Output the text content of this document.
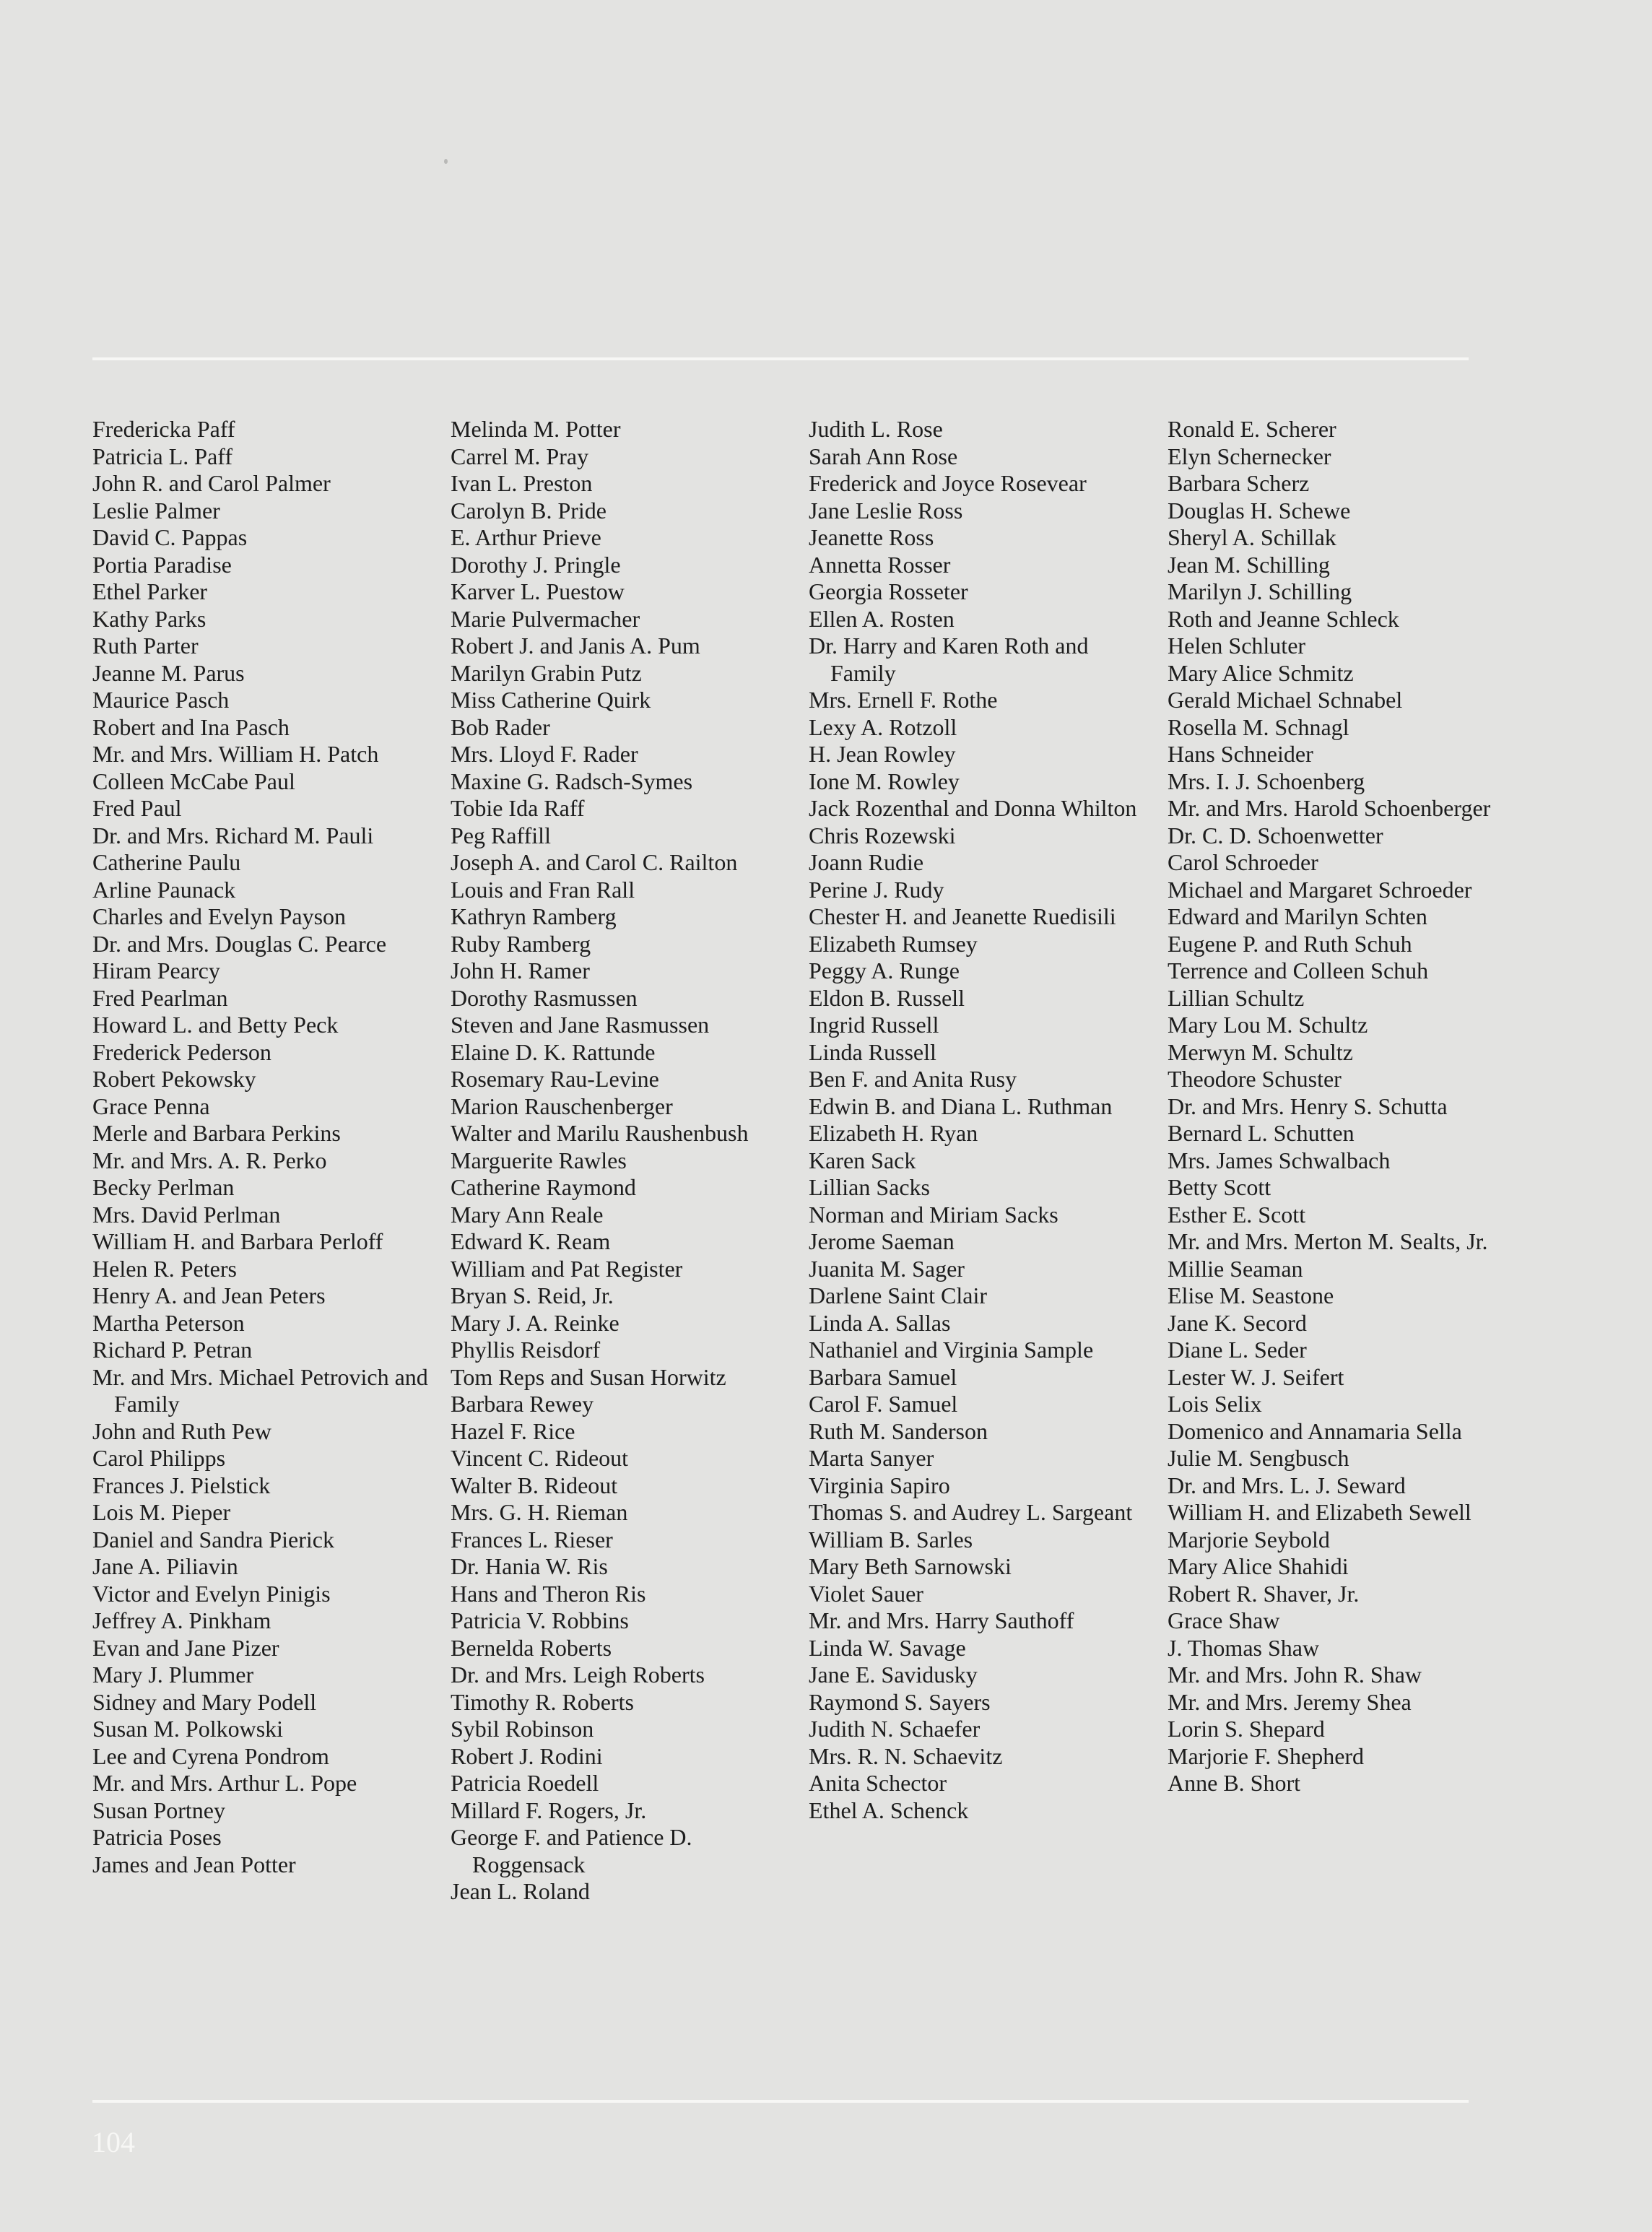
Fredericka Paff
Patricia L. Paff
John R. and Carol Palmer
Leslie Palmer
David C. Pappas
Portia Paradise
Ethel Parker
Kathy Parks
Ruth Parter
Jeanne M. Parus
Maurice Pasch
Robert and Ina Pasch
Mr. and Mrs. William H. Patch
Colleen McCabe Paul
Fred Paul
Dr. and Mrs. Richard M. Pauli
Catherine Paulu
Arline Paunack
Charles and Evelyn Payson
Dr. and Mrs. Douglas C. Pearce
Hiram Pearcy
Fred Pearlman
Howard L. and Betty Peck
Frederick Pederson
Robert Pekowsky
Grace Penna
Merle and Barbara Perkins
Mr. and Mrs. A. R. Perko
Becky Perlman
Mrs. David Perlman
William H. and Barbara Perloff
Helen R. Peters
Henry A. and Jean Peters
Martha Peterson
Richard P. Petran
Mr. and Mrs. Michael Petrovich and Family
John and Ruth Pew
Carol Philipps
Frances J. Pielstick
Lois M. Pieper
Daniel and Sandra Pierick
Jane A. Piliavin
Victor and Evelyn Pinigis
Jeffrey A. Pinkham
Evan and Jane Pizer
Mary J. Plummer
Sidney and Mary Podell
Susan M. Polkowski
Lee and Cyrena Pondrom
Mr. and Mrs. Arthur L. Pope
Susan Portney
Patricia Poses
James and Jean Potter
Melinda M. Potter
Carrel M. Pray
Ivan L. Preston
Carolyn B. Pride
E. Arthur Prieve
Dorothy J. Pringle
Karver L. Puestow
Marie Pulvermacher
Robert J. and Janis A. Pum
Marilyn Grabin Putz
Miss Catherine Quirk
Bob Rader
Mrs. Lloyd F. Rader
Maxine G. Radsch-Symes
Tobie Ida Raff
Peg Raffill
Joseph A. and Carol C. Railton
Louis and Fran Rall
Kathryn Ramberg
Ruby Ramberg
John H. Ramer
Dorothy Rasmussen
Steven and Jane Rasmussen
Elaine D. K. Rattunde
Rosemary Rau-Levine
Marion Rauschenberger
Walter and Marilu Raushenbush
Marguerite Rawles
Catherine Raymond
Mary Ann Reale
Edward K. Ream
William and Pat Register
Bryan S. Reid, Jr.
Mary J. A. Reinke
Phyllis Reisdorf
Tom Reps and Susan Horwitz
Barbara Rewey
Hazel F. Rice
Vincent C. Rideout
Walter B. Rideout
Mrs. G. H. Rieman
Frances L. Rieser
Dr. Hania W. Ris
Hans and Theron Ris
Patricia V. Robbins
Bernelda Roberts
Dr. and Mrs. Leigh Roberts
Timothy R. Roberts
Sybil Robinson
Robert J. Rodini
Patricia Roedell
Millard F. Rogers, Jr.
George F. and Patience D. Roggensack
Jean L. Roland
Judith L. Rose
Sarah Ann Rose
Frederick and Joyce Rosevear
Jane Leslie Ross
Jeanette Ross
Annetta Rosser
Georgia Rosseter
Ellen A. Rosten
Dr. Harry and Karen Roth and Family
Mrs. Ernell F. Rothe
Lexy A. Rotzoll
H. Jean Rowley
Ione M. Rowley
Jack Rozenthal and Donna Whilton
Chris Rozewski
Joann Rudie
Perine J. Rudy
Chester H. and Jeanette Ruedisili
Elizabeth Rumsey
Peggy A. Runge
Eldon B. Russell
Ingrid Russell
Linda Russell
Ben F. and Anita Rusy
Edwin B. and Diana L. Ruthman
Elizabeth H. Ryan
Karen Sack
Lillian Sacks
Norman and Miriam Sacks
Jerome Saeman
Juanita M. Sager
Darlene Saint Clair
Linda A. Sallas
Nathaniel and Virginia Sample
Barbara Samuel
Carol F. Samuel
Ruth M. Sanderson
Marta Sanyer
Virginia Sapiro
Thomas S. and Audrey L. Sargeant
William B. Sarles
Mary Beth Sarnowski
Violet Sauer
Mr. and Mrs. Harry Sauthoff
Linda W. Savage
Jane E. Savidusky
Raymond S. Sayers
Judith N. Schaefer
Mrs. R. N. Schaevitz
Anita Schector
Ethel A. Schenck
Ronald E. Scherer
Elyn Schernecker
Barbara Scherz
Douglas H. Schewe
Sheryl A. Schillak
Jean M. Schilling
Marilyn J. Schilling
Roth and Jeanne Schleck
Helen Schluter
Mary Alice Schmitz
Gerald Michael Schnabel
Rosella M. Schnagl
Hans Schneider
Mrs. I. J. Schoenberg
Mr. and Mrs. Harold Schoenberger
Dr. C. D. Schoenwetter
Carol Schroeder
Michael and Margaret Schroeder
Edward and Marilyn Schten
Eugene P. and Ruth Schuh
Terrence and Colleen Schuh
Lillian Schultz
Mary Lou M. Schultz
Merwyn M. Schultz
Theodore Schuster
Dr. and Mrs. Henry S. Schutta
Bernard L. Schutten
Mrs. James Schwalbach
Betty Scott
Esther E. Scott
Mr. and Mrs. Merton M. Sealts, Jr.
Millie Seaman
Elise M. Seastone
Jane K. Secord
Diane L. Seder
Lester W. J. Seifert
Lois Selix
Domenico and Annamaria Sella
Julie M. Sengbusch
Dr. and Mrs. L. J. Seward
William H. and Elizabeth Sewell
Marjorie Seybold
Mary Alice Shahidi
Robert R. Shaver, Jr.
Grace Shaw
J. Thomas Shaw
Mr. and Mrs. John R. Shaw
Mr. and Mrs. Jeremy Shea
Lorin S. Shepard
Marjorie F. Shepherd
Anne B. Short
104
